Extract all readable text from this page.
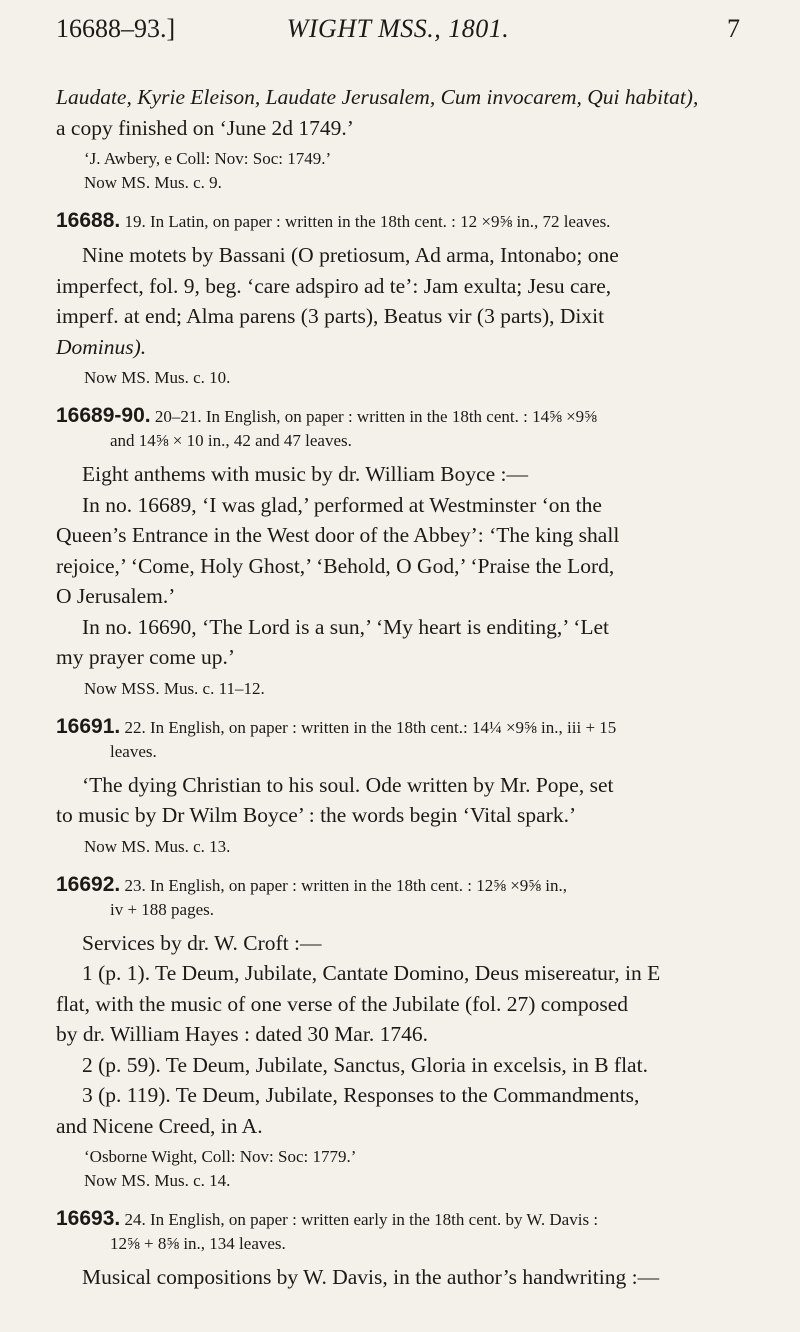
16688–93.]	WIGHT MSS., 1801.	7

Laudate, Kyrie Eleison, Laudate Jerusalem, Cum invocarem, Qui habitat),

a copy finished on ‘June 2d 1749.’

‘J. Awbery, e Coll: Nov: Soc: 1749.’

Now MS. Mus. c. 9.

16688. 19. In Latin, on paper : written in the 18th cent. : 12 ×9⅝ in., 72 leaves.

Nine motets by Bassani (O pretiosum, Ad arma, Intonabo; one

imperfect, fol. 9, beg. ‘care adspiro ad te’: Jam exulta; Jesu care,

imperf. at end; Alma parens (3 parts), Beatus vir (3 parts), Dixit

Dominus).

Now MS. Mus. c. 10.

16689-90. 20–21. In English, on paper : written in the 18th cent. : 14⅝ ×9⅝
and 14⅝ × 10 in., 42 and 47 leaves.

Eight anthems with music by dr. William Boyce :—

In no. 16689, ‘I was glad,’ performed at Westminster ‘on the

Queen’s Entrance in the West door of the Abbey’: ‘The king shall

rejoice,’ ‘Come, Holy Ghost,’ ‘Behold, O God,’ ‘Praise the Lord,

O Jerusalem.’

In no. 16690, ‘The Lord is a sun,’ ‘My heart is enditing,’ ‘Let

my prayer come up.’

Now MSS. Mus. c. 11–12.

16691. 22. In English, on paper : written in the 18th cent.: 14¼ ×9⅝ in., iii + 15
leaves.

‘The dying Christian to his soul. Ode written by Mr. Pope, set

to music by Dr Wilm Boyce’ : the words begin ‘Vital spark.’

Now MS. Mus. c. 13.

16692. 23. In English, on paper : written in the 18th cent. : 12⅝ ×9⅝ in.,
iv + 188 pages.

Services by dr. W. Croft :—

1 (p. 1). Te Deum, Jubilate, Cantate Domino, Deus misereatur, in E

flat, with the music of one verse of the Jubilate (fol. 27) composed

by dr. William Hayes : dated 30 Mar. 1746.

2 (p. 59). Te Deum, Jubilate, Sanctus, Gloria in excelsis, in B flat.

3 (p. 119). Te Deum, Jubilate, Responses to the Commandments,

and Nicene Creed, in A.

‘Osborne Wight, Coll: Nov: Soc: 1779.’

Now MS. Mus. c. 14.

16693. 24. In English, on paper : written early in the 18th cent. by W. Davis :
12⅝ + 8⅝ in., 134 leaves.

Musical compositions by W. Davis, in the author’s handwriting :—
